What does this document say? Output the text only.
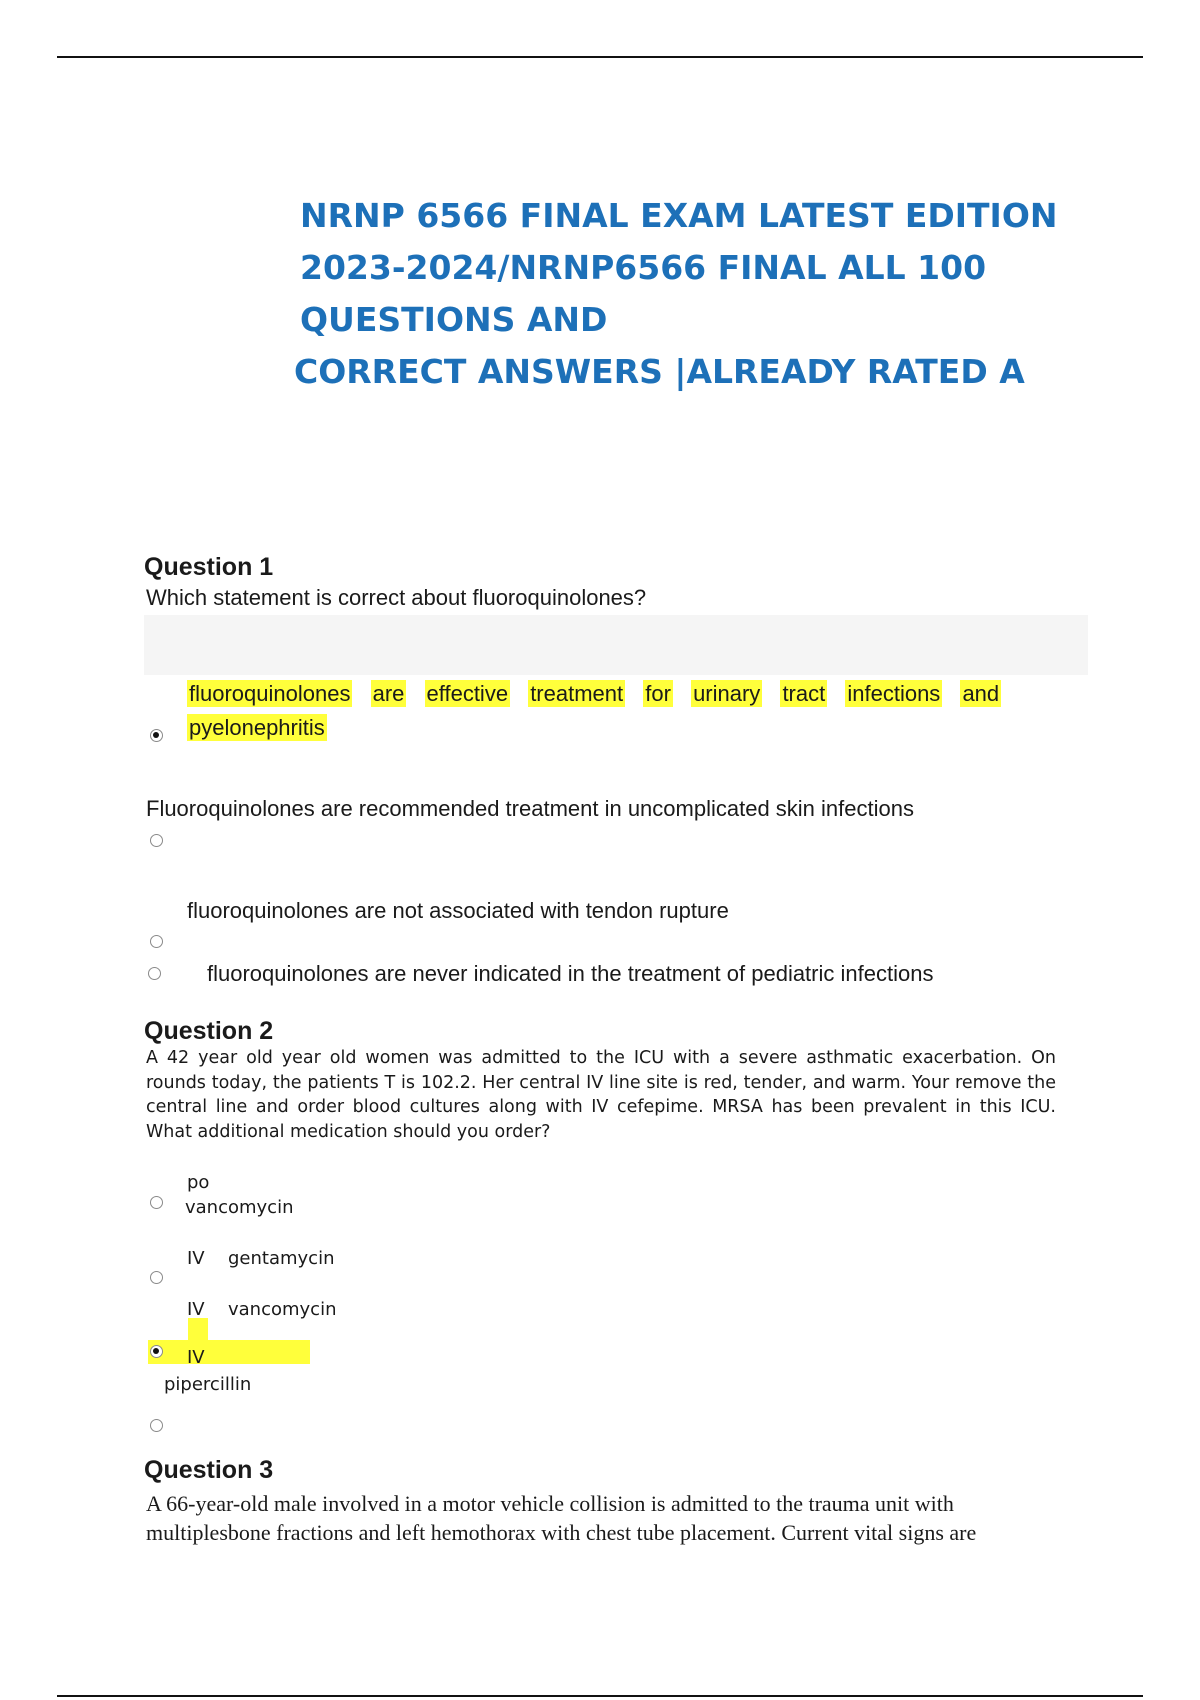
NRNP 6566 FINAL EXAM LATEST EDITION
2023-2024/NRNP6566 FINAL ALL 100
QUESTIONS AND
CORRECT ANSWERS |ALREADY RATED A
Question 1
Which statement is correct about fluoroquinolones?
fluoroquinolones are effective treatment for urinary tract infections and
pyelonephritis
Fluoroquinolones are recommended treatment in uncomplicated skin infections
fluoroquinolones are not associated with tendon rupture
fluoroquinolones are never indicated in the treatment of pediatric infections
Question 2
A 42 year old year old women was admitted to the ICU with a severe asthmatic exacerbation. On rounds today, the patients T is 102.2. Her central IV line site is red, tender, and warm. Your remove the central line and order blood cultures along with IV cefepime. MRSA has been prevalent in this ICU. What additional medication should you order?
po
vancomycin
IV gentamycin
IV vancomycin
IV
pipercillin
Question 3
A 66-year-old male involved in a motor vehicle collision is admitted to the trauma unit with multiplesbone fractions and left hemothorax with chest tube placement. Current vital signs are
